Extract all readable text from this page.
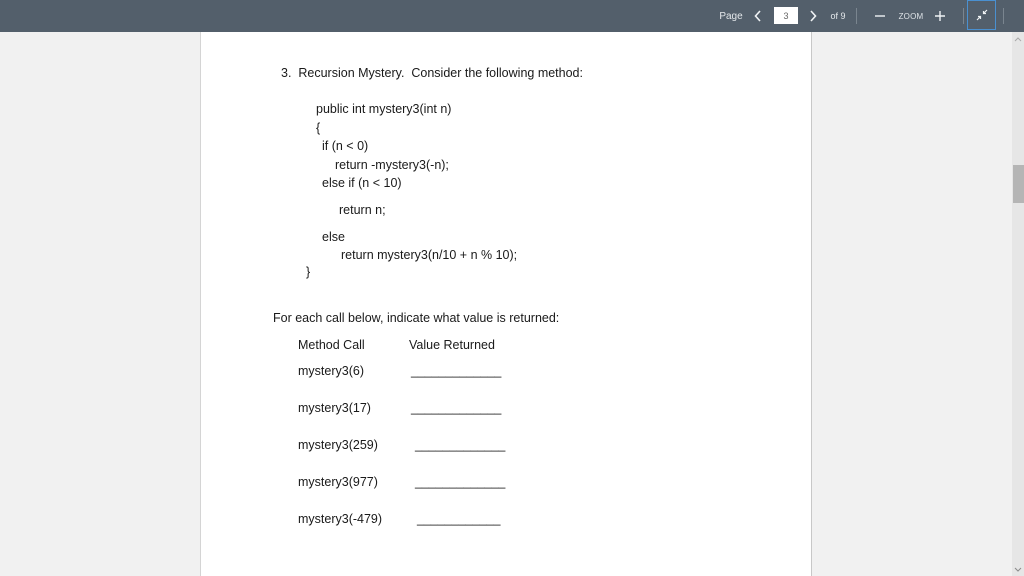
Page
3	of 9	ZOOM
3.  Recursion Mystery.  Consider the following method:
public int mystery3(int n)
{
if (n < 0)
return -mystery3(-n);
else if (n < 10)
return n;
else
return mystery3(n/10 + n % 10);
}
For each call below, indicate what value is returned:
Method Call	Value Returned
mystery3(6)	_____________
mystery3(17)	_____________
mystery3(259)	_____________
mystery3(977)	_____________
mystery3(-479)	____________
